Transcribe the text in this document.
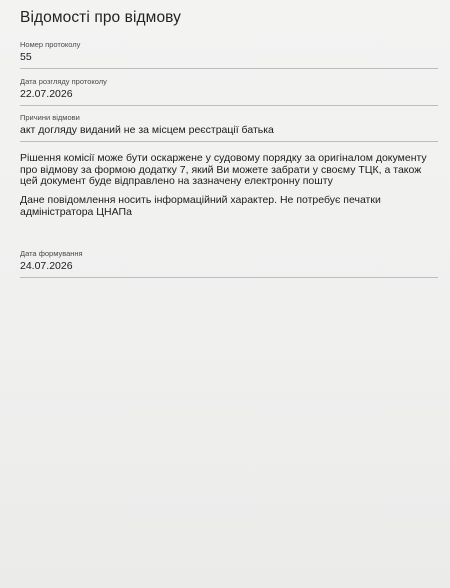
Відомості про відмову
Номер протоколу
55
Дата розгляду протоколу
22.07.2026
Причини відмови
акт догляду виданий не за місцем реєстрації батька
Рішення комісії може бути оскаржене у судовому порядку за оригіналом документу про відмову за формою додатку 7, який Ви можете забрати у своєму ТЦК, а також цей документ буде відправлено на зазначену електронну пошту
Дане повідомлення носить інформаційний характер. Не потребує печатки адміністратора ЦНАПа
Дата формування
24.07.2026
